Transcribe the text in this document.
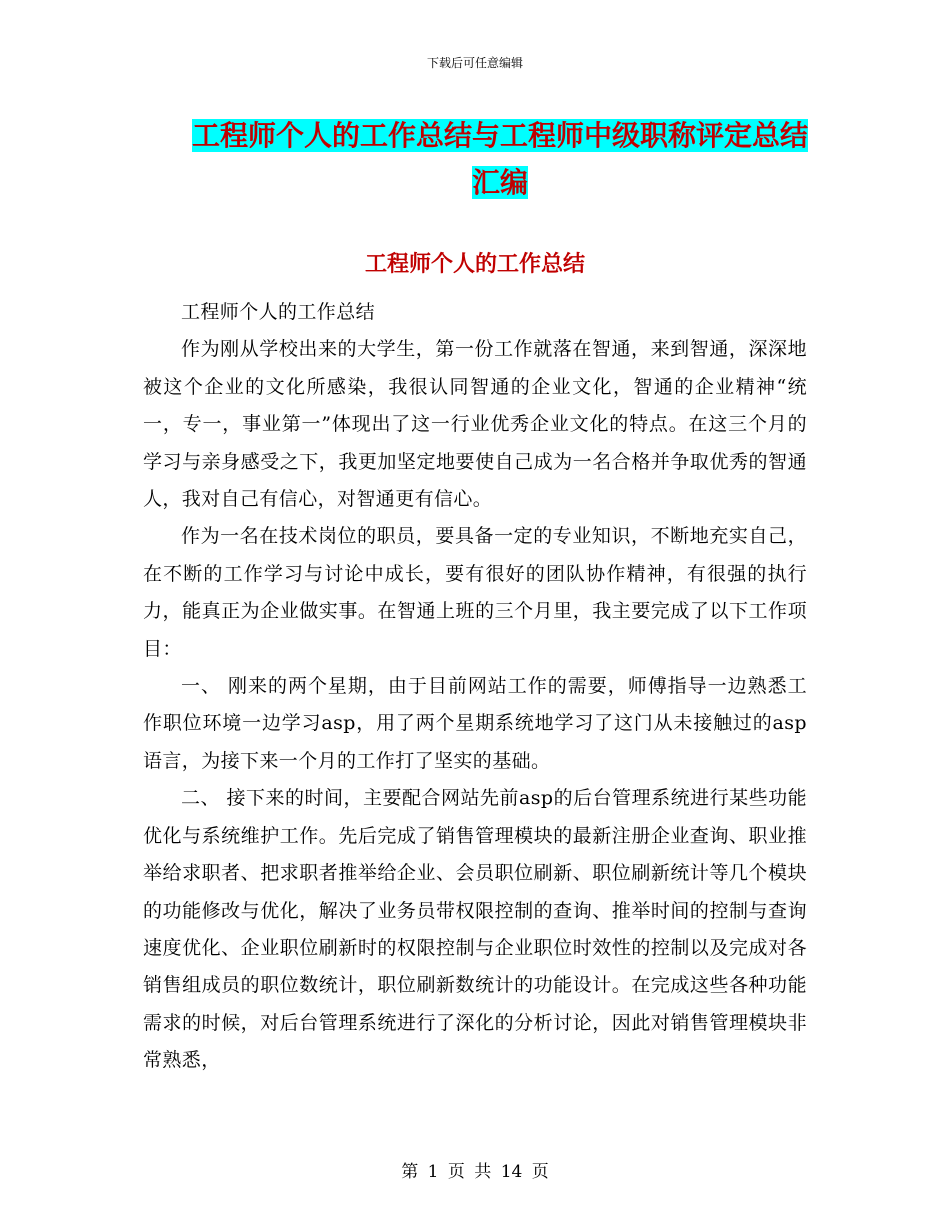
下载后可任意编辑
工程师个人的工作总结与工程师中级职称评定总结汇编
工程师个人的工作总结

工程师个人的工作总结

作为刚从学校出来的大学生，第一份工作就落在智通，来到智通，深深地被这个企业的文化所感染，我很认同智通的企业文化，智通的企业精神“统一，专一，事业第一”体现出了这一行业优秀企业文化的特点。在这三个月的学习与亲身感受之下，我更加坚定地要使自己成为一名合格并争取优秀的智通人，我对自己有信心，对智通更有信心。

作为一名在技术岗位的职员，要具备一定的专业知识，不断地充实自己，在不断的工作学习与讨论中成长，要有很好的团队协作精神，有很强的执行力，能真正为企业做实事。在智通上班的三个月里，我主要完成了以下工作项目：

一、 刚来的两个星期，由于目前网站工作的需要，师傅指导一边熟悉工作职位环境一边学习asp，用了两个星期系统地学习了这门从未接触过的asp语言，为接下来一个月的工作打了坚实的基础。

二、 接下来的时间，主要配合网站先前asp的后台管理系统进行某些功能优化与系统维护工作。先后完成了销售管理模块的最新注册企业查询、职业推举给求职者、把求职者推举给企业、会员职位刷新、职位刷新统计等几个模块的功能修改与优化，解决了业务员带权限控制的查询、推举时间的控制与查询速度优化、企业职位刷新时的权限控制与企业职位时效性的控制以及完成对各销售组成员的职位数统计，职位刷新数统计的功能设计。在完成这些各种功能需求的时候，对后台管理系统进行了深化的分析讨论，因此对销售管理模块非常熟悉，

第 1 页 共 14 页
